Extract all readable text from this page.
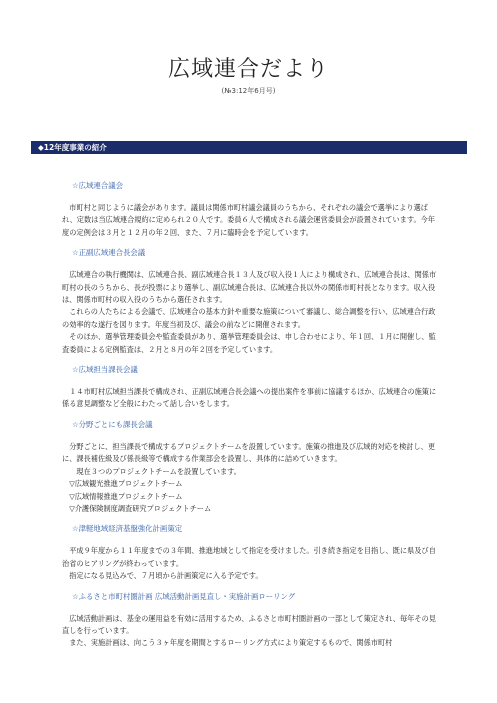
広域連合だより
(№3:12年6月号)
◆12年度事業の紹介
☆広域連合議会
　市町村と同じように議会があります。議員は関係市町村議会議員のうちから、それぞれの議会で選挙により選ばれ、定数は当広域連合規約に定められ２０人です。委員６人で構成される議会運営委員会が設置されています。今年度の定例会は３月と１２月の年２回、また、７月に臨時会を予定しています。
☆正副広域連合長会議
　広域連合の執行機関は、広域連合長、副広域連合長１３人及び収入役１人により構成され、広域連合長は、関係市町村の長のうちから、長が投票により選挙し、副広域連合長は、広域連合長以外の関係市町村長となります。収入役は、関係市町村の収入役のうちから選任されます。
　これらの人たちによる会議で、広域連合の基本方針や重要な施策について審議し、総合調整を行い、広域連合行政の効率的な遂行を図ります。年度当初及び、議会の前などに開催されます。
　そのほか、選挙管理委員会や監査委員があり、選挙管理委員会は、申し合わせにより、年１回、１月に開催し、監査委員による定例監査は、２月と８月の年２回を予定しています。
☆広域担当課長会議
　１４市町村広域担当課長で構成され、正副広域連合長会議への提出案件を事前に協議するほか、広域連合の施策に係る意見調整など全般にわたって話し合いをします。
☆分野ごとにも課長会議
　分野ごとに、担当課長で構成するプロジェクトチームを設置しています。施策の推進及び広域的対応を検討し、更に、課長補佐級及び係長級等で構成する作業部会を設置し、具体的に詰めていきます。
　　現在３つのプロジェクトチームを設置しています。
　▽広域観光推進プロジェクトチーム
　▽広域情報推進プロジェクトチーム
　▽介護保険制度調査研究プロジェクトチーム
☆津軽地域経済基盤強化計画策定
　平成９年度から１１年度までの３年間、推進地域として指定を受けました。引き続き指定を目指し、既に県及び自治省のヒアリングが終わっています。
　指定になる見込みで、７月頃から計画策定に入る予定です。
☆ふるさと市町村圏計画 広域活動計画見直し・実施計画ローリング
　広域活動計画は、基金の運用益を有効に活用するため、ふるさと市町村圏計画の一部として策定され、毎年その見直しを行っています。
　また、実施計画は、向こう３ヶ年度を期間とするローリング方式により策定するもので、関係市町村
